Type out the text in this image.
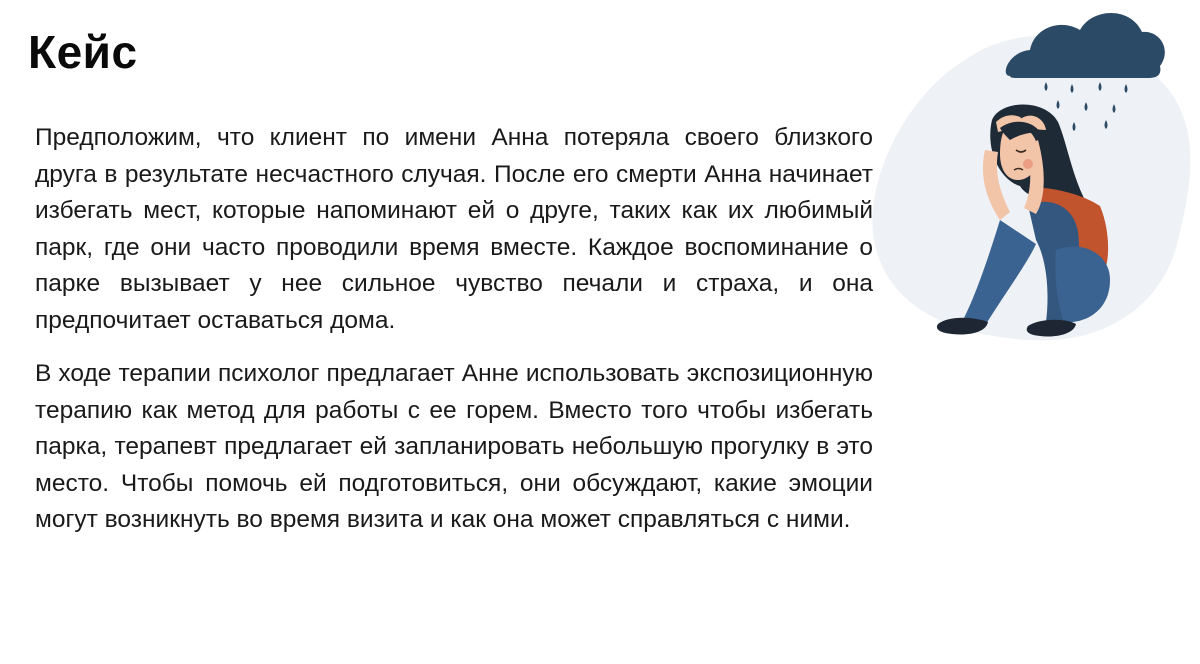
Кейс

Предположим, что клиент по имени Анна потеряла своего близкого друга в результате несчастного случая. После его смерти Анна начинает избегать мест, которые напоминают ей о друге, таких как их любимый парк, где они часто проводили время вместе. Каждое воспоминание о парке вызывает у нее сильное чувство печали и страха, и она предпочитает оставаться дома.

В ходе терапии психолог предлагает Анне использовать экспозиционную терапию как метод для работы с ее горем. Вместо того чтобы избегать парка, терапевт предлагает ей запланировать небольшую прогулку в это место. Чтобы помочь ей подготовиться, они обсуждают, какие эмоции могут возникнуть во время визита и как она может справляться с ними.
